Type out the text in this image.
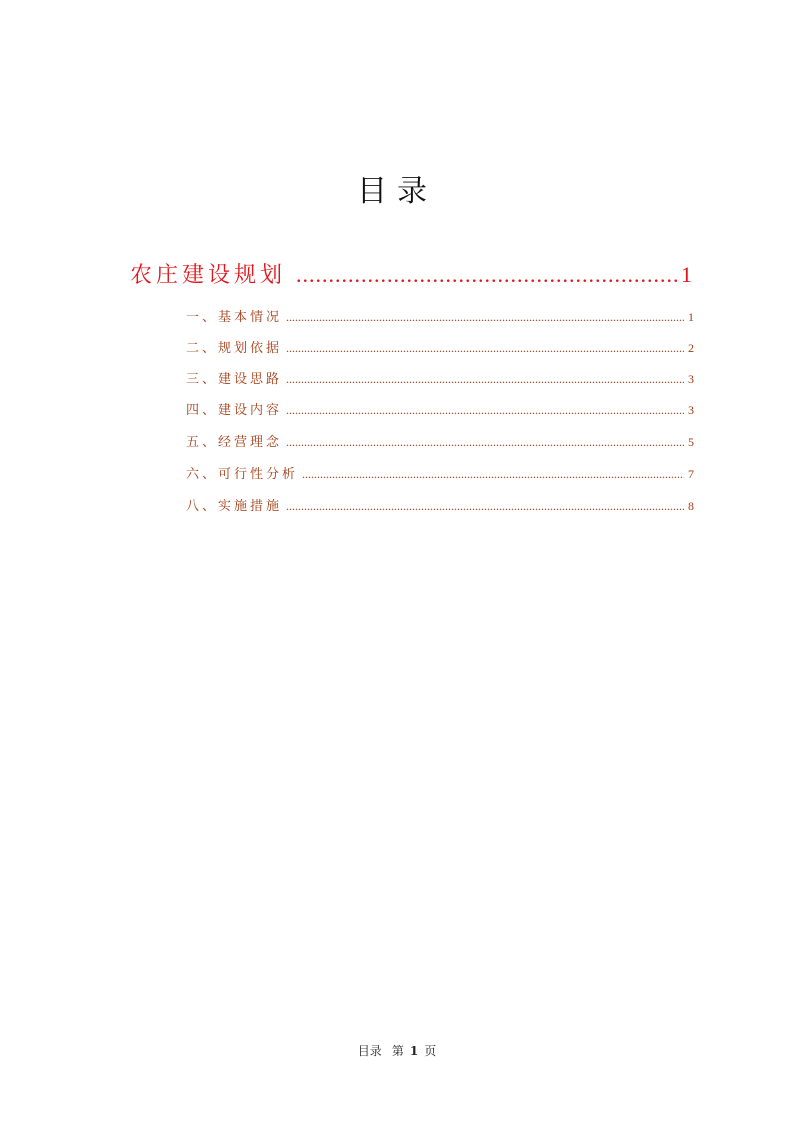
目录
农庄建设规划 .....	1
一、基本情况 .....	1
二、规划依据 .....	2
三、建设思路 .....	3
四、建设内容 .....	3
五、经营理念 .....	5
六、可行性分析 .....	7
八、实施措施 .....	8
目录 第 1 页
